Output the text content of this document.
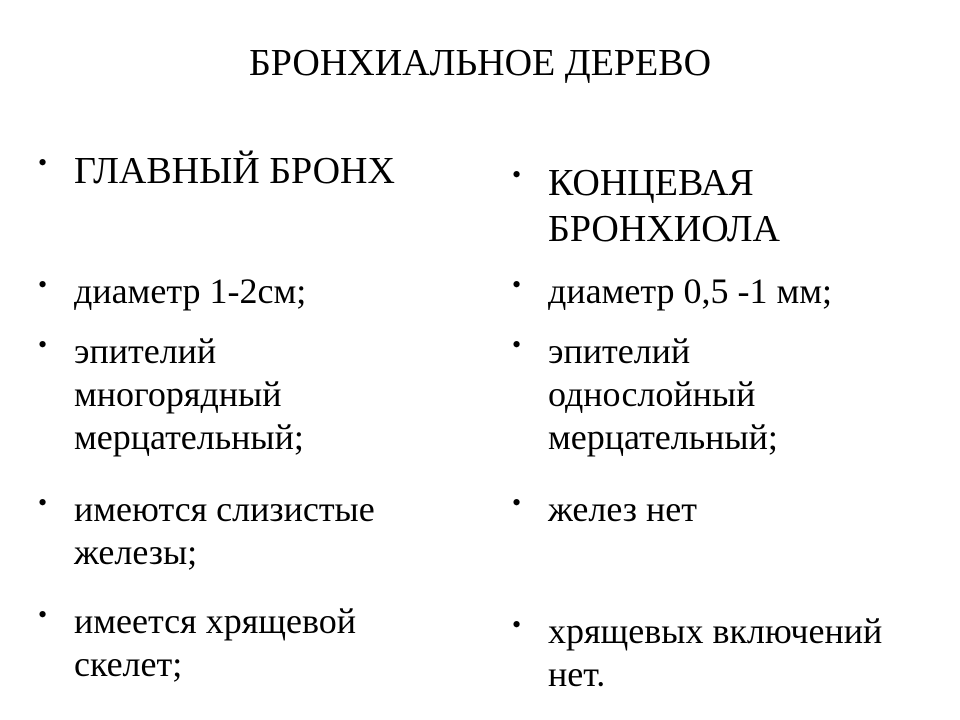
БРОНХИАЛЬНОЕ ДЕРЕВО
• ГЛАВНЫЙ БРОНХ
• диаметр 1-2см;
• эпителий многорядный мерцательный;
• имеются слизистые железы;
• имеется хрящевой скелет;
• КОНЦЕВАЯ БРОНХИОЛА
• диаметр 0,5 -1 мм;
• эпителий однослойный мерцательный;
• желез нет
• хрящевых включений нет.
